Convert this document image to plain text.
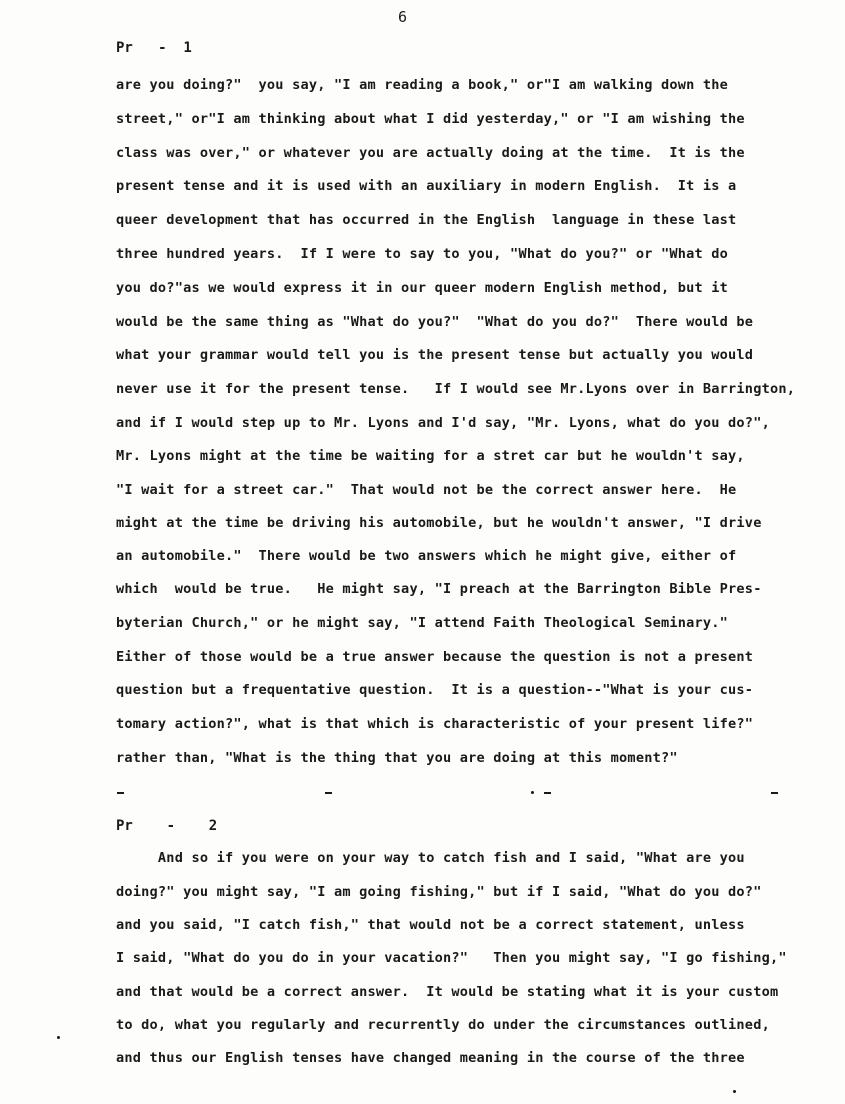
6
Pr   -  1
are you doing?"  you say, "I am reading a book," or"I am walking down the
street," or"I am thinking about what I did yesterday," or "I am wishing the
class was over," or whatever you are actually doing at the time.  It is the
present tense and it is used with an auxiliary in modern English.  It is a
queer development that has occurred in the English  language in these last
three hundred years.  If I were to say to you, "What do you?" or "What do
you do?"as we would express it in our queer modern English method, but it
would be the same thing as "What do you?"  "What do you do?"  There would be
what your grammar would tell you is the present tense but actually you would
never use it for the present tense.   If I would see Mr.Lyons over in Barrington,
and if I would step up to Mr. Lyons and I'd say, "Mr. Lyons, what do you do?",
Mr. Lyons might at the time be waiting for a stret car but he wouldn't say,
"I wait for a street car."  That would not be the correct answer here.  He
might at the time be driving his automobile, but he wouldn't answer, "I drive
an automobile."  There would be two answers which he might give, either of
which  would be true.   He might say, "I preach at the Barrington Bible Pres-
byterian Church," or he might say, "I attend Faith Theological Seminary."
Either of those would be a true answer because the question is not a present
question but a frequentative question.  It is a question--"What is your cus-
tomary action?", what is that which is characteristic of your present life?"
rather than, "What is the thing that you are doing at this moment?"
Pr    -    2
And so if you were on your way to catch fish and I said, "What are you
doing?" you might say, "I am going fishing," but if I said, "What do you do?"
and you said, "I catch fish," that would not be a correct statement, unless
I said, "What do you do in your vacation?"   Then you might say, "I go fishing,"
and that would be a correct answer.  It would be stating what it is your custom
to do, what you regularly and recurrently do under the circumstances outlined,
and thus our English tenses have changed meaning in the course of the three
